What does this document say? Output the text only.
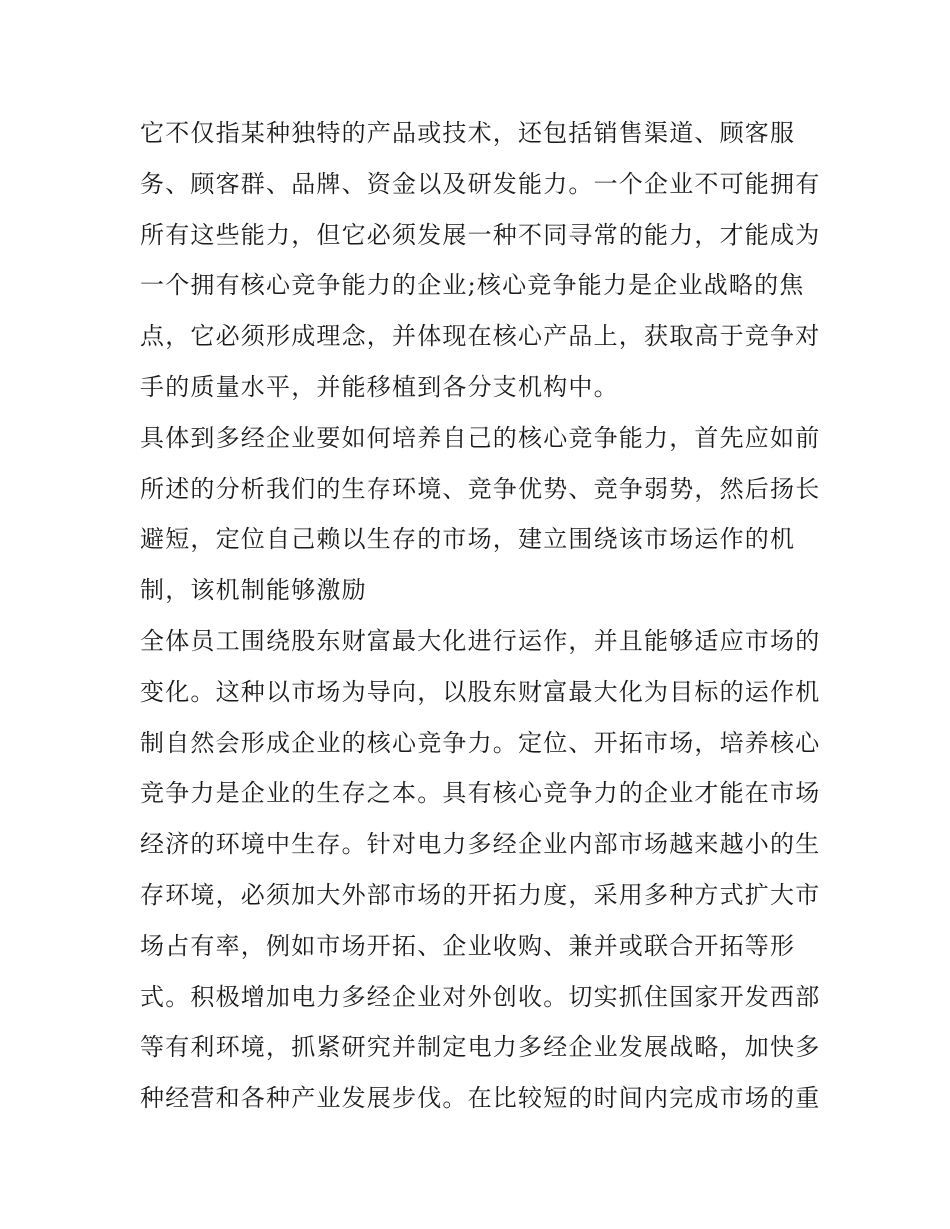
它不仅指某种独特的产品或技术，还包括销售渠道、顾客服
务、顾客群、品牌、资金以及研发能力。一个企业不可能拥有
所有这些能力，但它必须发展一种不同寻常的能力，才能成为
一个拥有核心竞争能力的企业;核心竞争能力是企业战略的焦
点，它必须形成理念，并体现在核心产品上，获取高于竞争对
手的质量水平，并能移植到各分支机构中。
具体到多经企业要如何培养自己的核心竞争能力，首先应如前
所述的分析我们的生存环境、竞争优势、竞争弱势，然后扬长
避短，定位自己赖以生存的市场，建立围绕该市场运作的机
制，该机制能够激励
全体员工围绕股东财富最大化进行运作，并且能够适应市场的
变化。这种以市场为导向，以股东财富最大化为目标的运作机
制自然会形成企业的核心竞争力。定位、开拓市场，培养核心
竞争力是企业的生存之本。具有核心竞争力的企业才能在市场
经济的环境中生存。针对电力多经企业内部市场越来越小的生
存环境，必须加大外部市场的开拓力度，采用多种方式扩大市
场占有率，例如市场开拓、企业收购、兼并或联合开拓等形
式。积极增加电力多经企业对外创收。切实抓住国家开发西部
等有利环境，抓紧研究并制定电力多经企业发展战略，加快多
种经营和各种产业发展步伐。在比较短的时间内完成市场的重
